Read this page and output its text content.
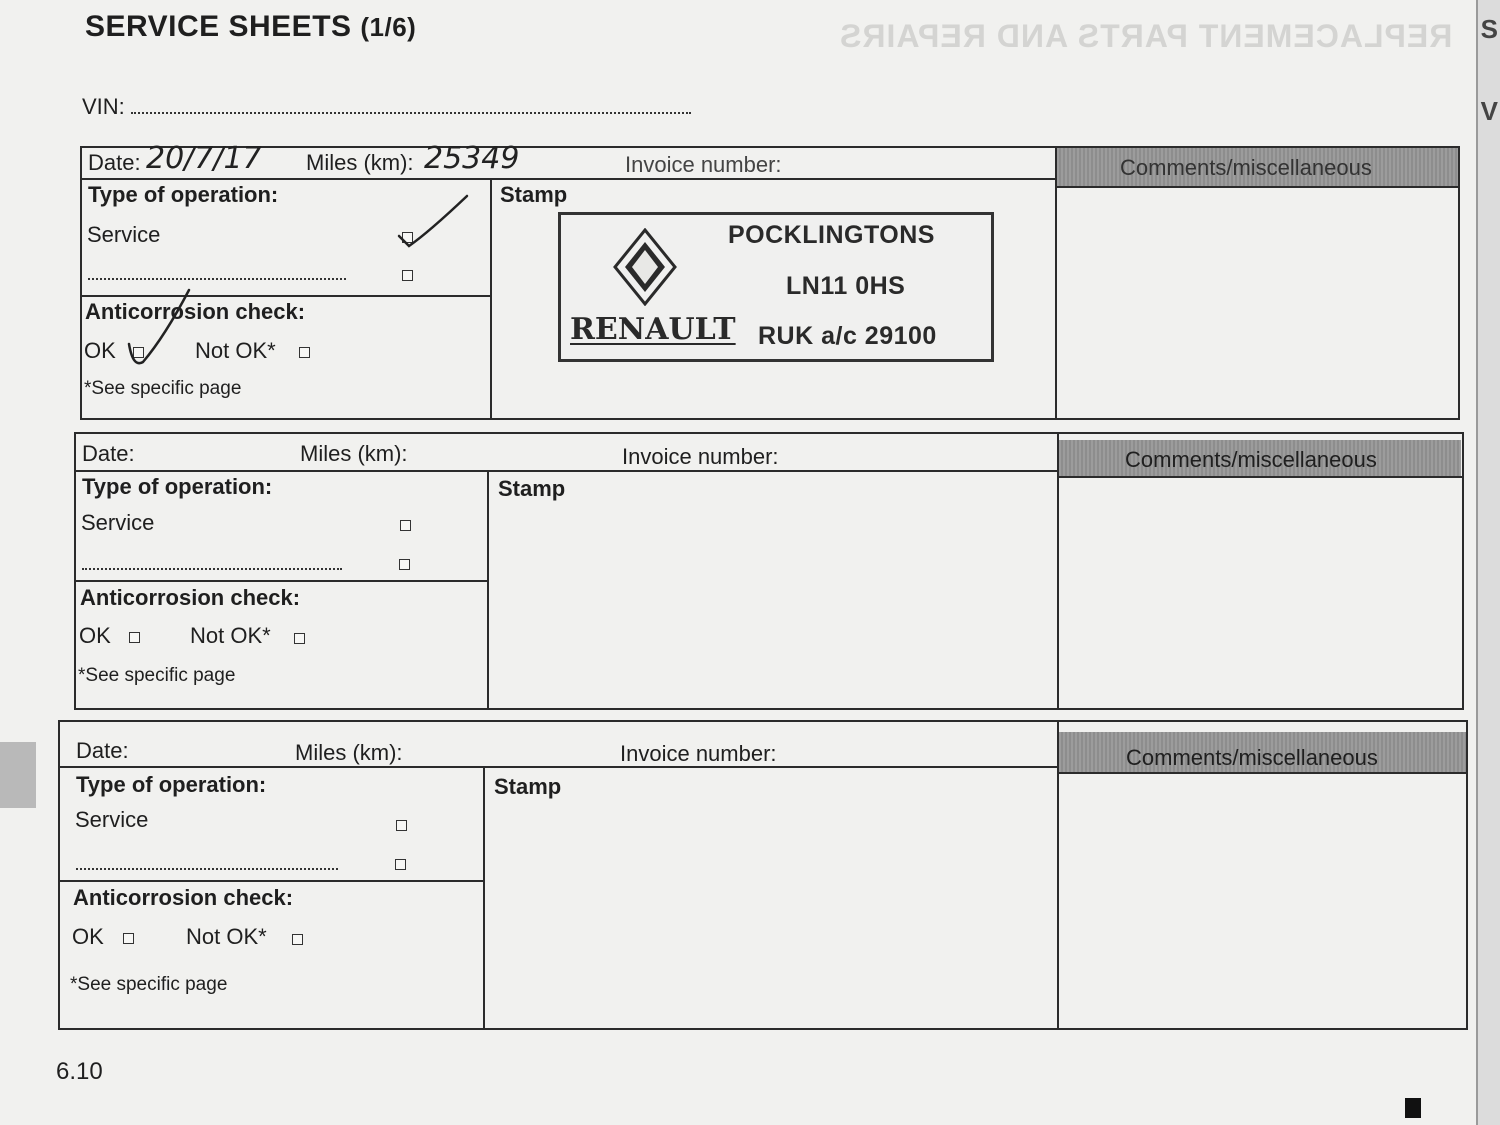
S
V
REPLACEMENT PARTS AND REPAIRS
SERVICE SHEETS (1/6)
VIN:
Date: 20/7/17 Miles (km): 25349	Invoice number:	Comments/miscellaneous
Type of operation:
Service
Anticorrosion check:
OK	Not OK*
*See specific page
Stamp
RENAULT
POCKLINGTONS
LN11 0HS
RUK a/c 29100
Date:	Miles (km):	Invoice number:	Comments/miscellaneous
Type of operation:
Service
Anticorrosion check:
OK	Not OK*
*See specific page
Stamp
Date:	Miles (km):	Invoice number:	Comments/miscellaneous
Type of operation:
Service
Anticorrosion check:
OK	Not OK*
*See specific page
Stamp
6.10
